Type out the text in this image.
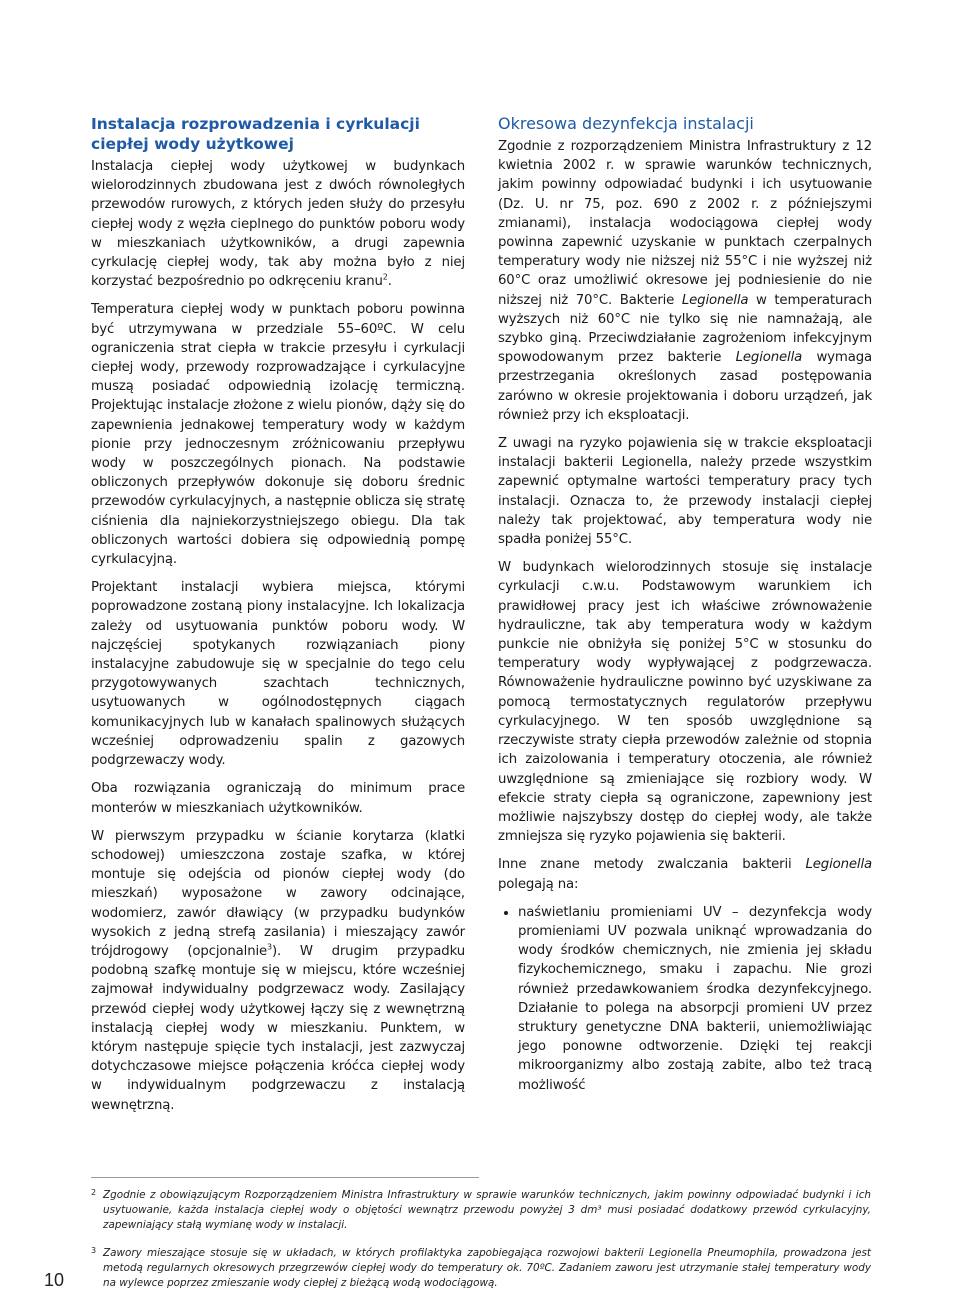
Instalacja rozprowadzenia i cyrkulacji ciepłej wody użytkowej

Instalacja ciepłej wody użytkowej w budynkach wielorodzinnych zbudowana jest z dwóch równoległych przewodów rurowych, z których jeden służy do przesyłu ciepłej wody z węzła cieplnego do punktów poboru wody w mieszkaniach użytkowników, a drugi zapewnia cyrkulację ciepłej wody, tak aby można było z niej korzystać bezpośrednio po odkręceniu kranu$^2$.

Temperatura ciepłej wody w punktach poboru powinna być utrzymywana w przedziale 55–60ºC. W celu ograniczenia strat ciepła w trakcie przesyłu i cyrkulacji ciepłej wody, przewody rozprowadzające i cyrkulacyjne muszą posiadać odpowiednią izolację termiczną. Projektując instalacje złożone z wielu pionów, dąży się do zapewnienia jednakowej temperatury wody w każdym pionie przy jednoczesnym zróżnicowaniu przepływu wody w poszczególnych pionach. Na podstawie obliczonych przepływów dokonuje się doboru średnic przewodów cyrkulacyjnych, a następnie oblicza się stratę ciśnienia dla najniekorzystniejszego obiegu. Dla tak obliczonych wartości dobiera się odpowiednią pompę cyrkulacyjną.

Projektant instalacji wybiera miejsca, którymi poprowadzone zostaną piony instalacyjne. Ich lokalizacja zależy od usytuowania punktów poboru wody. W najczęściej spotykanych rozwiązaniach piony instalacyjne zabudowuje się w specjalnie do tego celu przygotowywanych szachtach technicznych, usytuowanych w ogólnodostępnych ciągach komunikacyjnych lub w kanałach spalinowych służących wcześniej odprowadzeniu spalin z gazowych podgrzewaczy wody.

Oba rozwiązania ograniczają do minimum prace monterów w mieszkaniach użytkowników.

W pierwszym przypadku w ścianie korytarza (klatki schodowej) umieszczona zostaje szafka, w której montuje się odejścia od pionów ciepłej wody (do mieszkań) wyposażone w zawory odcinające, wodomierz, zawór dławiący (w przypadku budynków wysokich z jedną strefą zasilania) i mieszający zawór trójdrogowy (opcjonalnie$^3$). W drugim przypadku podobną szafkę montuje się w miejscu, które wcześniej zajmował indywidualny podgrzewacz wody. Zasilający przewód ciepłej wody użytkowej łączy się z wewnętrzną instalacją ciepłej wody w mieszkaniu. Punktem, w którym następuje spięcie tych instalacji, jest zazwyczaj dotychczasowe miejsce połączenia króćca ciepłej wody w indywidualnym podgrzewaczu z instalacją wewnętrzną.

Okresowa dezynfekcja instalacji

Zgodnie z rozporządzeniem Ministra Infrastruktury z 12 kwietnia 2002 r. w sprawie warunków technicznych, jakim powinny odpowiadać budynki i ich usytuowanie (Dz. U. nr 75, poz. 690 z 2002 r. z późniejszymi zmianami), instalacja wodociągowa ciepłej wody powinna zapewnić uzyskanie w punktach czerpalnych temperatury wody nie niższej niż 55°C i nie wyższej niż 60°C oraz umożliwić okresowe jej podniesienie do nie niższej niż 70°C. Bakterie Legionella w temperaturach wyższych niż 60°C nie tylko się nie namnażają, ale szybko giną. Przeciwdziałanie zagrożeniom infekcyjnym spowodowanym przez bakterie Legionella wymaga przestrzegania określonych zasad postępowania zarówno w okresie projektowania i doboru urządzeń, jak również przy ich eksploatacji.

Z uwagi na ryzyko pojawienia się w trakcie eksploatacji instalacji bakterii Legionella, należy przede wszystkim zapewnić optymalne wartości temperatury pracy tych instalacji. Oznacza to, że przewody instalacji ciepłej należy tak projektować, aby temperatura wody nie spadła poniżej 55°C.

W budynkach wielorodzinnych stosuje się instalacje cyrkulacji c.w.u. Podstawowym warunkiem ich prawidłowej pracy jest ich właściwe zrównoważenie hydrauliczne, tak aby temperatura wody w każdym punkcie nie obniżyła się poniżej 5°C w stosunku do temperatury wody wypływającej z podgrzewacza. Równoważenie hydrauliczne powinno być uzyskiwane za pomocą termostatycznych regulatorów przepływu cyrkulacyjnego. W ten sposób uwzględnione są rzeczywiste straty ciepła przewodów zależnie od stopnia ich zaizolowania i temperatury otoczenia, ale również uwzględnione są zmieniające się rozbiory wody. W efekcie straty ciepła są ograniczone, zapewniony jest możliwie najszybszy dostęp do ciepłej wody, ale także zmniejsza się ryzyko pojawienia się bakterii.

Inne znane metody zwalczania bakterii Legionella polegają na:

• naświetlaniu promieniami UV – dezynfekcja wody promieniami UV pozwala uniknąć wprowadzania do wody środków chemicznych, nie zmienia jej składu fizykochemicznego, smaku i zapachu. Nie grozi również przedawkowaniem środka dezynfekcyjnego. Działanie to polega na absorpcji promieni UV przez struktury genetyczne DNA bakterii, uniemożliwiając jego ponowne odtworzenie. Dzięki tej reakcji mikroorganizmy albo zostają zabite, albo też tracą możliwość
2 Zgodnie z obowiązującym Rozporządzeniem Ministra Infrastruktury w sprawie warunków technicznych, jakim powinny odpowiadać budynki i ich usytuowanie, każda instalacja ciepłej wody o objętości wewnątrz przewodu powyżej 3 dm³ musi posiadać dodatkowy przewód cyrkulacyjny, zapewniający stałą wymianę wody w instalacji.
3 Zawory mieszające stosuje się w układach, w których profilaktyka zapobiegająca rozwojowi bakterii Legionella Pneumophila, prowadzona jest metodą regularnych okresowych przegrzewów ciepłej wody do temperatury ok. 70ºC. Zadaniem zaworu jest utrzymanie stałej temperatury wody na wylewce poprzez zmieszanie wody ciepłej z bieżącą wodą wodociągową.
10
